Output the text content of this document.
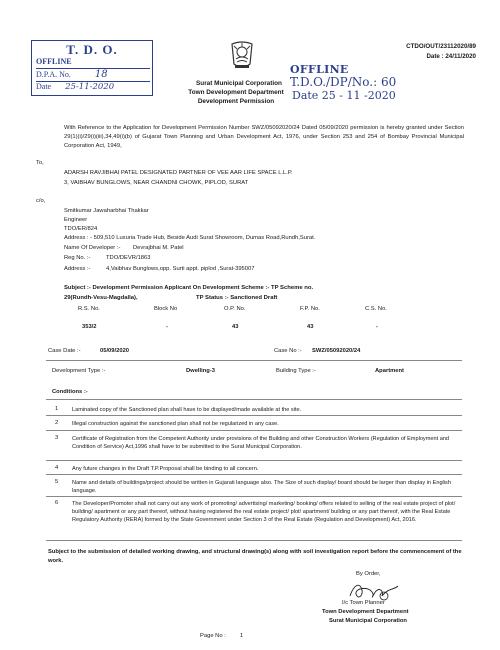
T. D. O.
OFFLINE
D.P.A. No. 18
Date 25-11-2020
CTDO/OUT/23112020/89
Date : 24/11/2020
Surat Municipal Corporation
Town Development Department
Development Permission
OFFLINE
T.D.O./DP/No.: 60
Date 25 - 11 -2020
With Reference to the Application for Development Permission Number SWZ/05092020/24 Dated 05/09/2020 permission is hereby granted under Section 29(1)(i)/29(i)(iii),34,49(i)(b) of Gujarat Town Planning and Urban Development Act, 1976, under Section 253 and 254 of Bombay Provincial Municipal Corporation Act, 1949,
To,
ADARSH RAVJIBHAI PATEL DESIGNATED PARTNER OF VEE AAR LIFE SPACE L.L.P.
3, VAIBHAV BUNGLOWS, NEAR CHANDNI CHOWK, PIPLOD, SURAT
c/o,
Smitkumar Jawaharbhai Thakkar
Engineer
TDO/ER/824
Address : - 509,510 Luxuria Trade Hub, Beside Audi Surat Showroom, Dumas Road,Rundh,Surat.
Name Of Developer :- Devrajbhai M. Patel
Reg No. :-	TDO/DEVR/1863
Address :-	4,Vaibhav Bunglows,opp. Surti appt. piplod ,Surat-395007
Subject :- Development Permission Applicant On Development Scheme :- TP Scheme no.
29(Rundh-Vesu-Magdalla),	TP Status :- Sanctioned Draft
R.S. No.	Block No	O.P. No.	F.P. No.	C.S. No.
353/2	-	43	43	-
Case Date :-	05/09/2020	Case No :- SWZ/05092020/24
Development Type :-	Dwelling-3	Building Type :-	Apartment
Conditions :-
1 Laminated copy of the Sanctioned plan shall have to be displayed/made available at the site.
2 Illegal construction against the sanctioned plan shall not be regularized in any case.
3 Certificate of Registration from the Competent Authority under provisions of the Building and other Construction Workers (Regulation of Employment and Condition of Service) Act,1996 shall have to be submitted to the Surat Municipal Corporation.
4 Any future changes in the Draft T.P.Proposal shall be binding to all concern.
5 Name and details of buildings/project should be written in Gujarati language also. The Size of such display/ board should be larger than display in English language.
6 The Developer/Promoter shall not carry out any work of promoting/ advertising/ marketing/ booking/ offers related to selling of the real estate project of plot/ building/ apartment or any part thereof, without having registered the real estate project/ plot/ apartment/ building or any part thereof, with the Real Estate Regulatory Authority (RERA) formed by the State Government under Section 3 of the Real Estate (Regulation and Development) Act, 2016.
Subject to the submission of detailed working drawing, and structural drawing(s) along with soil investigation report before the commencement of the work.
By Order,
I/c Town Planner
Town Development Department
Surat Municipal Corporation
Page No : 1
